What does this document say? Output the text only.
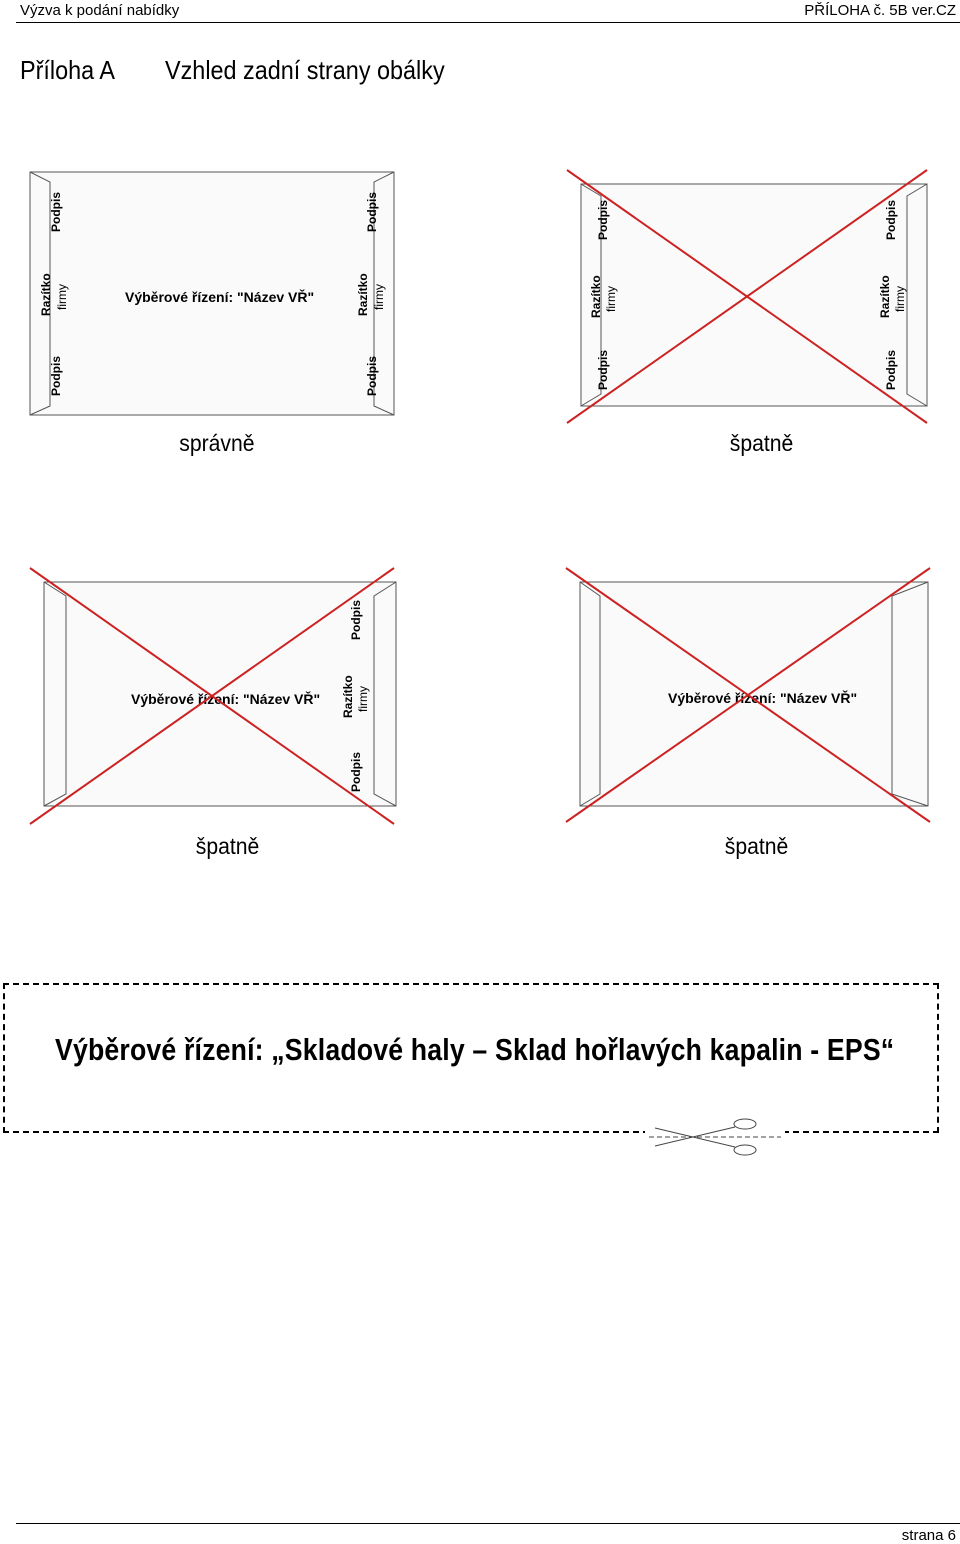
Výzva k podání nabídky	PŘÍLOHA č. 5B ver.CZ
Příloha A Vzhled zadní strany obálky
Podpis
Razítko firmy
Podpis
Výběrové řízení: "Název VŘ"
Podpis
Razítko firmy
Podpis
správně
Podpis
Razítko firmy
Podpis
Podpis
Razítko firmy
Podpis
špatně
Výběrové řízení: "Název VŘ"
Podpis
Razítko firmy
Podpis
špatně
Výběrové řízení: "Název VŘ"
špatně
Výběrové řízení: „Skladové haly – Sklad hořlavých kapalin - EPS“
strana 6
